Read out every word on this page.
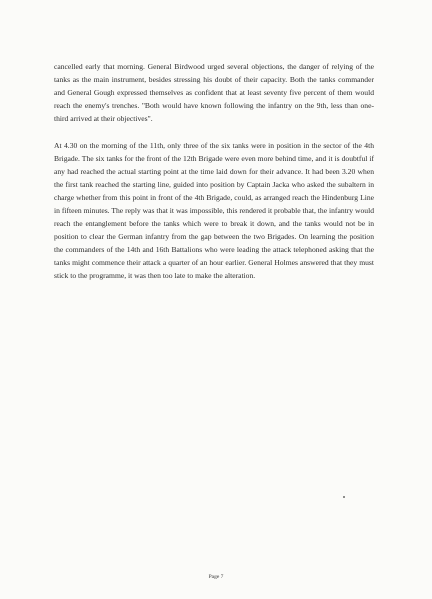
cancelled early that morning. General Birdwood urged several objections, the danger of relying of the tanks as the main instrument, besides stressing his doubt of their capacity. Both the tanks commander and General Gough expressed themselves as confident that at least seventy five percent of them would reach the enemy's trenches. "Both would have known following the infantry on the 9th, less than one-third arrived at their objectives".

At 4.30 on the morning of the 11th, only three of the six tanks were in position in the sector of the 4th Brigade. The six tanks for the front of the 12th Brigade were even more behind time, and it is doubtful if any had reached the actual starting point at the time laid down for their advance. It had been 3.20 when the first tank reached the starting line, guided into position by Captain Jacka who asked the subaltern in charge whether from this point in front of the 4th Brigade, could, as arranged reach the Hindenburg Line in fifteen minutes. The reply was that it was impossible, this rendered it probable that, the infantry would reach the entanglement before the tanks which were to break it down, and the tanks would not be in position to clear the German infantry from the gap between the two Brigades. On learning the position the commanders of the 14th and 16th Battalions who were leading the attack telephoned asking that the tanks might commence their attack a quarter of an hour earlier. General Holmes answered that they must stick to the programme, it was then too late to make the alteration.

Page 7
